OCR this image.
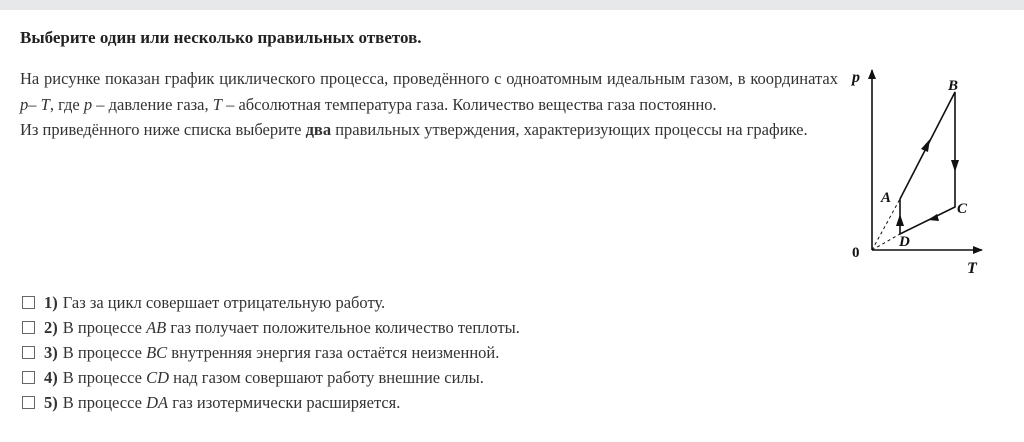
Выберите один или несколько правильных ответов.

На рисунке показан график циклического процесса, проведённого с одноатомным идеальным газом, в координатах p– T, где p – давление газа, T – абсолютная температура газа. Количество вещества газа постоянно.

Из приведённого ниже списка выберите два правильных утверждения, характеризующих процессы на графике.

p
T
0
A
B
C
D
1) Газ за цикл совершает отрицательную работу.
2) В процессе AB газ получает положительное количество теплоты.
3) В процессе BC внутренняя энергия газа остаётся неизменной.
4) В процессе CD над газом совершают работу внешние силы.
5) В процессе DA газ изотермически расширяется.
